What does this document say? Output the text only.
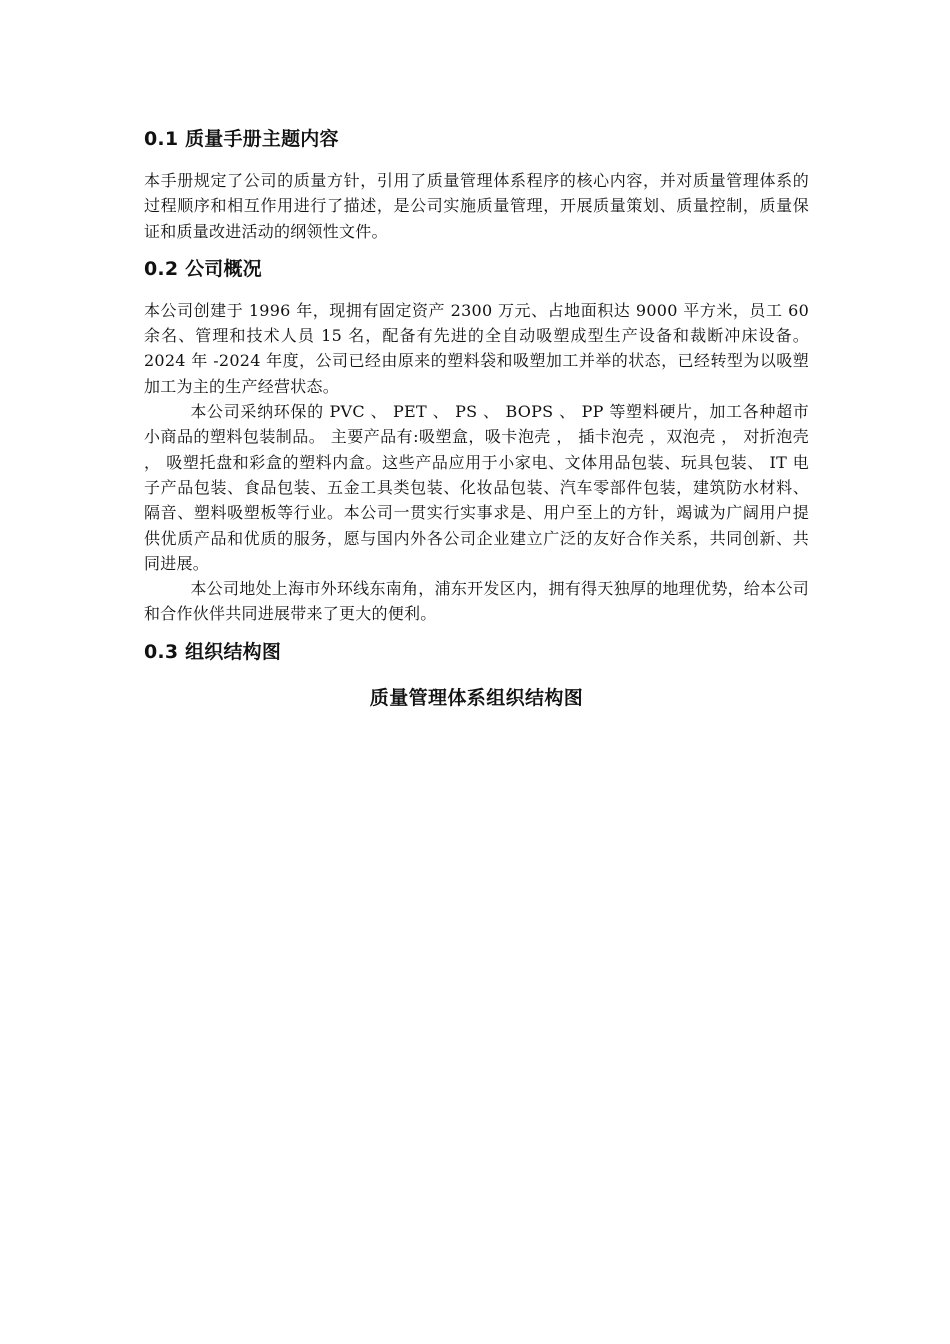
0.1 质量手册主题内容

本手册规定了公司的质量方针，引用了质量管理体系程序的核心内容，并对质量管理体系的过程顺序和相互作用进行了描述，是公司实施质量管理，开展质量策划、质量控制，质量保证和质量改进活动的纲领性文件。

0.2 公司概况

本公司创建于 1996 年，现拥有固定资产 2300 万元、占地面积达 9000 平方米，员工 60 余名、管理和技术人员 15 名，配备有先进的全自动吸塑成型生产设备和裁断冲床设备。 2024 年 -2024 年度，公司已经由原来的塑料袋和吸塑加工并举的状态，已经转型为以吸塑加工为主的生产经营状态。

本公司采纳环保的 PVC 、 PET 、 PS 、 BOPS 、 PP 等塑料硬片，加工各种超市小商品的塑料包装制品。 主要产品有:吸塑盒，吸卡泡壳 ， 插卡泡壳 ，双泡壳 ， 对折泡壳 ， 吸塑托盘和彩盒的塑料内盒。这些产品应用于小家电、文体用品包装、玩具包装、 IT 电子产品包装、食品包装、五金工具类包装、化妆品包装、汽车零部件包装，建筑防水材料、隔音、塑料吸塑板等行业。本公司一贯实行实事求是、用户至上的方针，竭诚为广阔用户提供优质产品和优质的服务，愿与国内外各公司企业建立广泛的友好合作关系，共同创新、共同进展。

本公司地处上海市外环线东南角，浦东开发区内，拥有得天独厚的地理优势，给本公司和合作伙伴共同进展带来了更大的便利。

0.3 组织结构图
质量管理体系组织结构图
